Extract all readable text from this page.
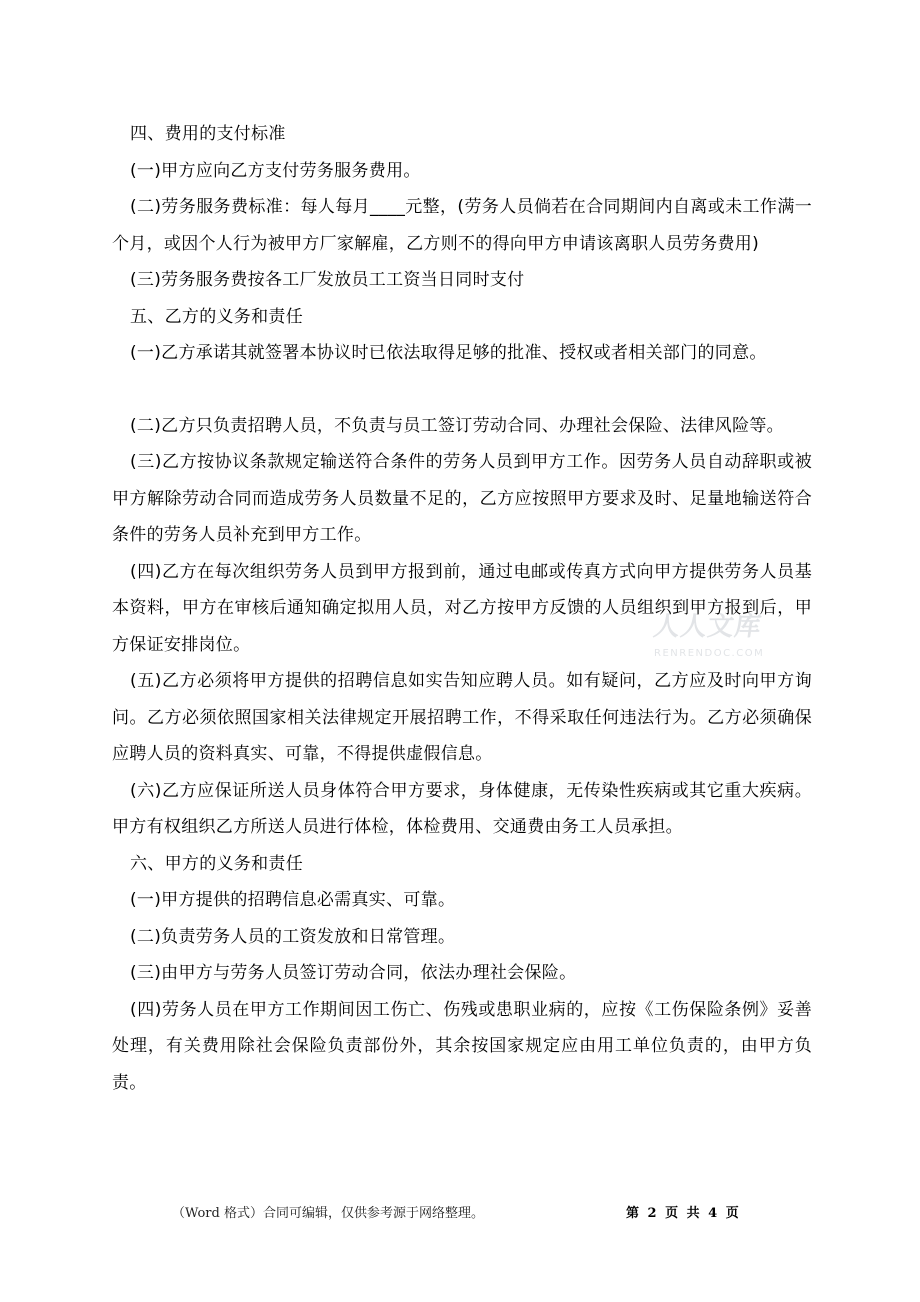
四、费用的支付标准

(一)甲方应向乙方支付劳务服务费用。

(二)劳务服务费标准：每人每月____元整，(劳务人员倘若在合同期间内自离或未工作满一个月，或因个人行为被甲方厂家解雇，乙方则不的得向甲方申请该离职人员劳务费用)

(三)劳务服务费按各工厂发放员工工资当日同时支付

五、乙方的义务和责任

(一)乙方承诺其就签署本协议时已依法取得足够的批准、授权或者相关部门的同意。

(二)乙方只负责招聘人员，不负责与员工签订劳动合同、办理社会保险、法律风险等。

(三)乙方按协议条款规定输送符合条件的劳务人员到甲方工作。因劳务人员自动辞职或被甲方解除劳动合同而造成劳务人员数量不足的，乙方应按照甲方要求及时、足量地输送符合条件的劳务人员补充到甲方工作。

(四)乙方在每次组织劳务人员到甲方报到前，通过电邮或传真方式向甲方提供劳务人员基本资料，甲方在审核后通知确定拟用人员，对乙方按甲方反馈的人员组织到甲方报到后，甲方保证安排岗位。

(五)乙方必须将甲方提供的招聘信息如实告知应聘人员。如有疑问，乙方应及时向甲方询问。乙方必须依照国家相关法律规定开展招聘工作，不得采取任何违法行为。乙方必须确保应聘人员的资料真实、可靠，不得提供虚假信息。

(六)乙方应保证所送人员身体符合甲方要求，身体健康，无传染性疾病或其它重大疾病。甲方有权组织乙方所送人员进行体检，体检费用、交通费由务工人员承担。

六、甲方的义务和责任

(一)甲方提供的招聘信息必需真实、可靠。

(二)负责劳务人员的工资发放和日常管理。

(三)由甲方与劳务人员签订劳动合同，依法办理社会保险。

(四)劳务人员在甲方工作期间因工伤亡、伤残或患职业病的，应按《工伤保险条例》妥善处理，有关费用除社会保险负责部份外，其余按国家规定应由用工单位负责的，由甲方负责。

人人文库
RENRENDOC.COM
（Word 格式）合同可编辑，仅供参考源于网络整理。	第 2 页 共 4 页
